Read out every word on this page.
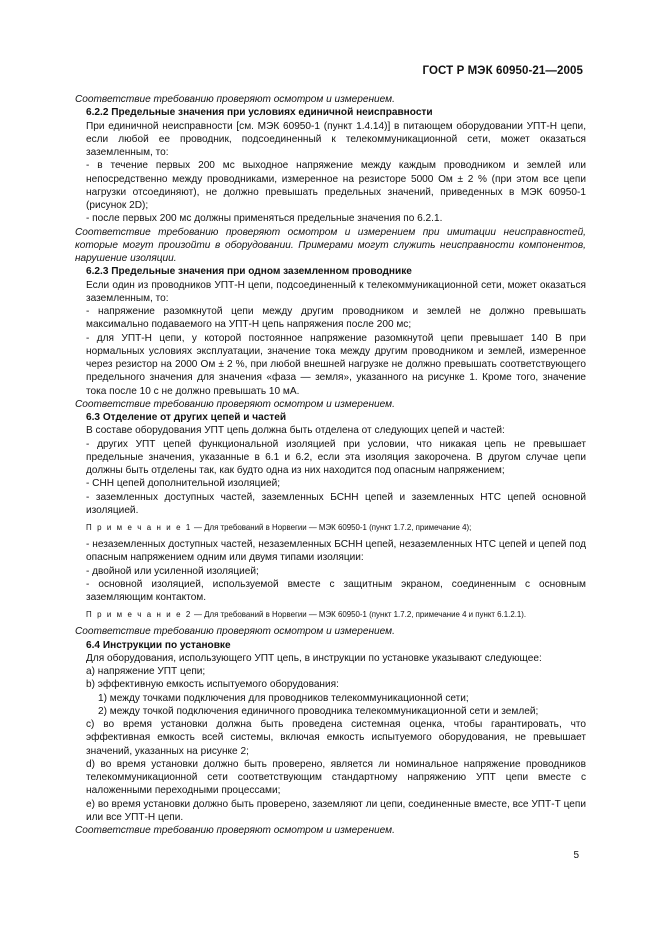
ГОСТ Р МЭК 60950-21—2005

Соответствие требованию проверяют осмотром и измерением.

6.2.2 Предельные значения при условиях единичной неисправности

При единичной неисправности [см. МЭК 60950-1 (пункт 1.4.14)] в питающем оборудовании УПТ-Н цепи, если любой ее проводник, подсоединенный к телекоммуникационной сети, может оказаться заземленным, то:

- в течение первых 200 мс выходное напряжение между каждым проводником и землей или непосредственно между проводниками, измеренное на резисторе 5000 Ом ± 2 % (при этом все цепи нагрузки отсоединяют), не должно превышать предельных значений, приведенных в МЭК 60950-1 (рисунок 2D);

- после первых 200 мс должны применяться предельные значения по 6.2.1.

Соответствие требованию проверяют осмотром и измерением при имитации неисправностей, которые могут произойти в оборудовании. Примерами могут служить неисправности компонентов, нарушение изоляции.

6.2.3 Предельные значения при одном заземленном проводнике

Если один из проводников УПТ-Н цепи, подсоединенный к телекоммуникационной сети, может оказаться заземленным, то:

- напряжение разомкнутой цепи между другим проводником и землей не должно превышать максимально подаваемого на УПТ-Н цепь напряжения после 200 мс;

- для УПТ-Н цепи, у которой постоянное напряжение разомкнутой цепи превышает 140 В при нормальных условиях эксплуатации, значение тока между другим проводником и землей, измеренное через резистор на 2000 Ом ± 2 %, при любой внешней нагрузке не должно превышать соответствующего предельного значения для значения «фаза — земля», указанного на рисунке 1. Кроме того, значение тока после 10 с не должно превышать 10 мА.

Соответствие требованию проверяют осмотром и измерением.

6.3 Отделение от других цепей и частей

В составе оборудования УПТ цепь должна быть отделена от следующих цепей и частей:

- других УПТ цепей функциональной изоляцией при условии, что никакая цепь не превышает предельные значения, указанные в 6.1 и 6.2, если эта изоляция закорочена. В другом случае цепи должны быть отделены так, как будто одна из них находится под опасным напряжением;

- СНН цепей дополнительной изоляцией;

- заземленных доступных частей, заземленных БСНН цепей и заземленных НТС цепей основной изоляцией.

П р и м е ч а н и е 1 — Для требований в Норвегии — МЭК 60950-1 (пункт 1.7.2, примечание 4);

- незаземленных доступных частей, незаземленных БСНН цепей, незаземленных НТС цепей и цепей под опасным напряжением одним или двумя типами изоляции:

- двойной или усиленной изоляцией;

- основной изоляцией, используемой вместе с защитным экраном, соединенным с основным заземляющим контактом.

П р и м е ч а н и е 2 — Для требований в Норвегии — МЭК 60950-1 (пункт 1.7.2, примечание 4 и пункт 6.1.2.1).

Соответствие требованию проверяют осмотром и измерением.

6.4 Инструкции по установке

Для оборудования, использующего УПТ цепь, в инструкции по установке указывают следующее:

a) напряжение УПТ цепи;

b) эффективную емкость испытуемого оборудования:

1) между точками подключения для проводников телекоммуникационной сети;

2) между точкой подключения единичного проводника телекоммуникационной сети и землей;

c) во время установки должна быть проведена системная оценка, чтобы гарантировать, что эффективная емкость всей системы, включая емкость испытуемого оборудования, не превышает значений, указанных на рисунке 2;

d) во время установки должно быть проверено, является ли номинальное напряжение проводников телекоммуникационной сети соответствующим стандартному напряжению УПТ цепи вместе с наложенными переходными процессами;

e) во время установки должно быть проверено, заземляют ли цепи, соединенные вместе, все УПТ-Т цепи или все УПТ-Н цепи.

Соответствие требованию проверяют осмотром и измерением.

5
